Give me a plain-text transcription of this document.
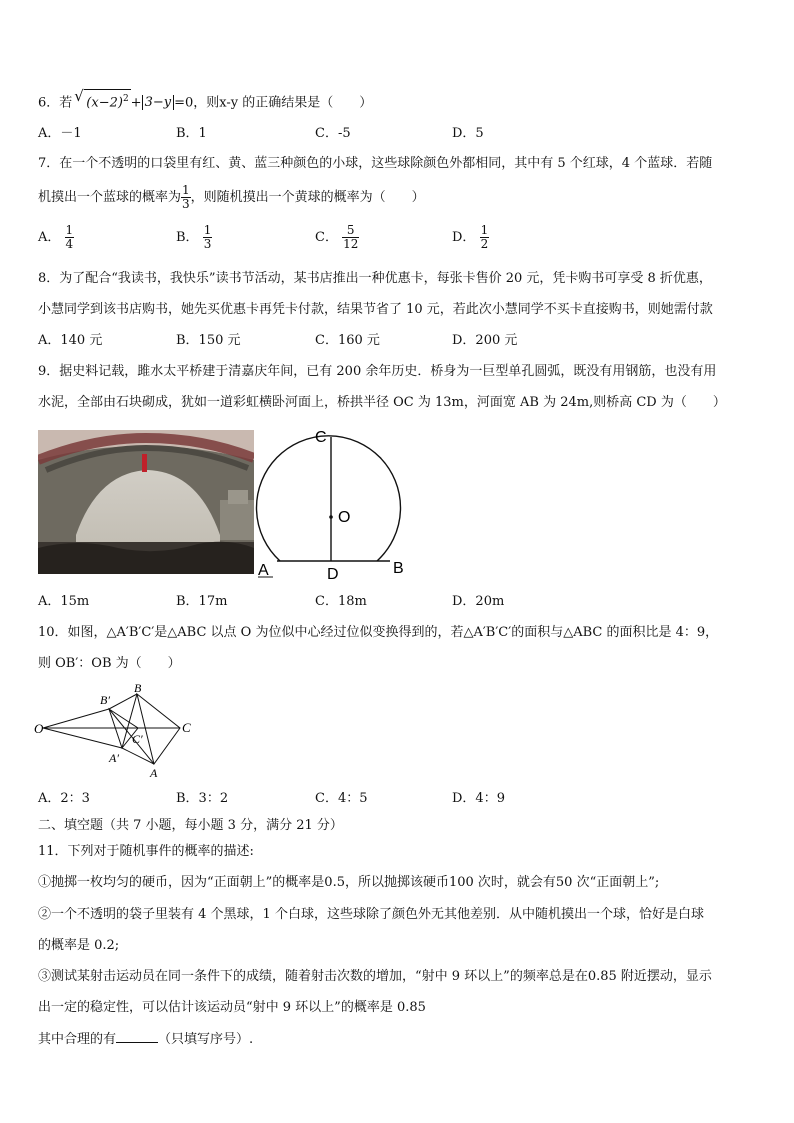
6．若√ $(x-2)^2 + 3-y =0$，则x-y 的正确结果是（　　）
A．－1	B．1	C．-5	D．5
7．在一个不透明的口袋里有红、黄、蓝三种颜色的小球，这些球除颜色外都相同，其中有 5 个红球，4 个蓝球．若随
机摸出一个蓝球的概率为 $\frac{1}{3}$ ，则随机摸出一个黄球的概率为（　　）
A． $\frac{1}{4}$	B． $\frac{1}{3}$	C． $\frac{5}{12}$	D． $\frac{1}{2}$
8．为了配合“我读书，我快乐”读书节活动，某书店推出一种优惠卡，每张卡售价 20 元，凭卡购书可享受 8 折优惠，
小慧同学到该书店购书，她先买优惠卡再凭卡付款，结果节省了 10 元，若此次小慧同学不买卡直接购书，则她需付款
A．140 元	B．150 元	C．160 元	D．200 元
9．据史料记载，雎水太平桥建于清嘉庆年间，已有 200 余年历史．桥身为一巨型单孔圆弧，既没有用钢筋，也没有用
水泥，全部由石块砌成，犹如一道彩虹横卧河面上，桥拱半径 OC 为 13m，河面宽 AB 为 24m,则桥高 CD 为（　　）
C
O
A	D	B
A．15m	B．17m	C．18m	D．20m
10．如图，△A′B′C′是△ABC 以点 O 为位似中心经过位似变换得到的，若△A′B′C′的面积与△ABC 的面积比是 4：9，
则 OB′：OB 为（　　）
O
B′
B
C
C′
A′
A
A．2：3	B．3：2	C．4：5	D．4：9
二、填空题（共 7 小题，每小题 3 分，满分 21 分）
11．下列对于随机事件的概率的描述:
①抛掷一枚均匀的硬币，因为“正面朝上”的概率是0.5，所以抛掷该硬币100 次时，就会有50 次“正面朝上”;
②一个不透明的袋子里装有 4 个黑球，1 个白球，这些球除了颜色外无其他差别．从中随机摸出一个球，恰好是白球
的概率是 0.2;
③测试某射击运动员在同一条件下的成绩，随着射击次数的增加，“射中 9 环以上”的频率总是在0.85 附近摆动，显示
出一定的稳定性，可以估计该运动员“射中 9 环以上”的概率是 0.85
其中合理的有	（只填写序号）.
